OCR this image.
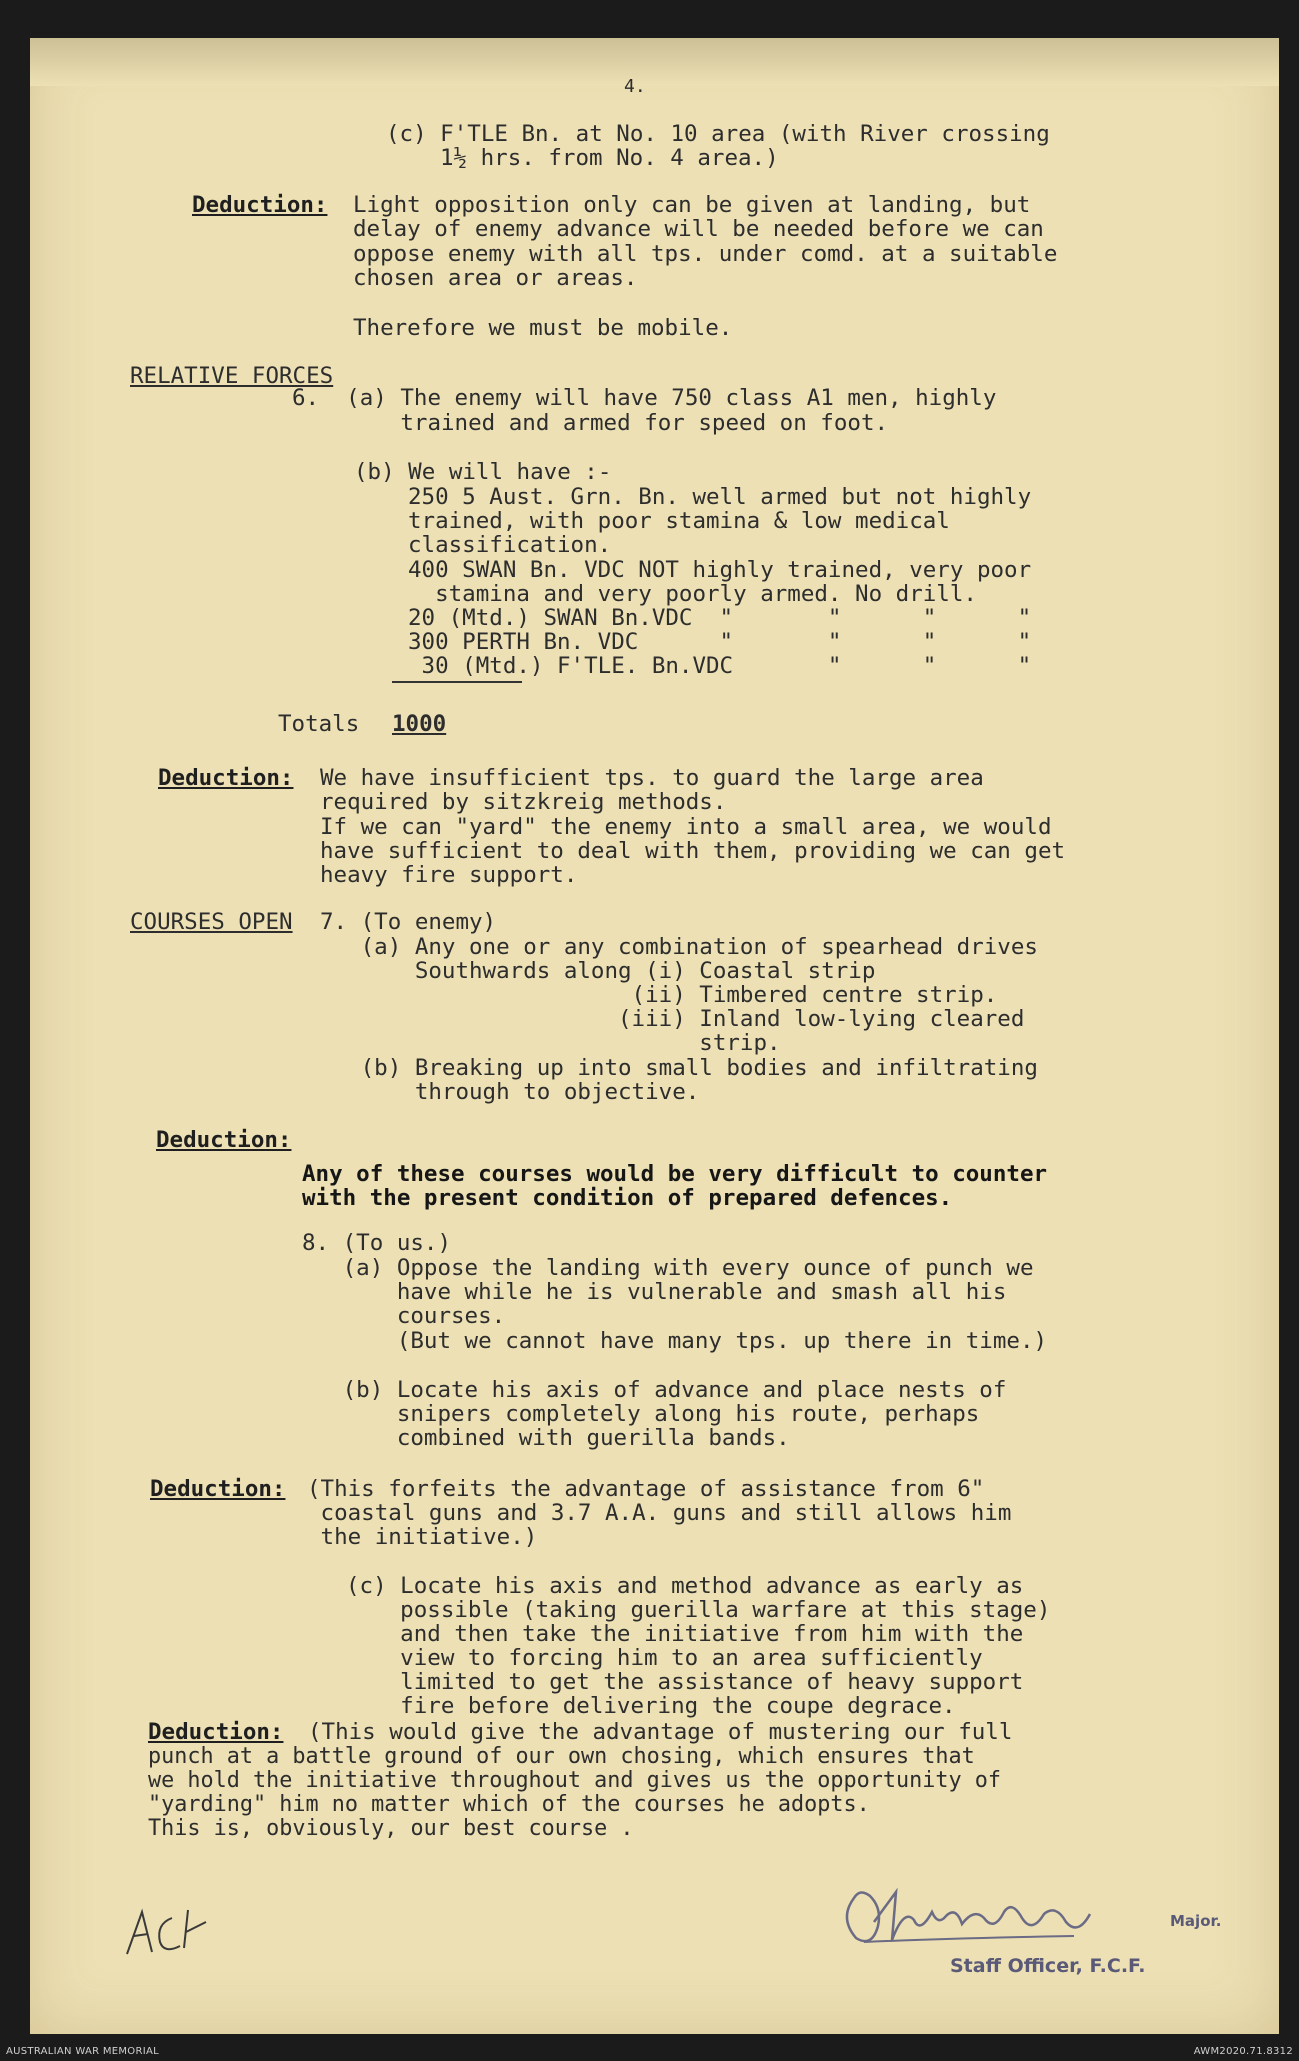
4.
(c) F'TLE Bn. at No. 10 area (with River crossing
1½ hrs. from No. 4 area.)
Deduction: Light opposition only can be given at landing, but
delay of enemy advance will be needed before we can
oppose enemy with all tps. under comd. at a suitable
chosen area or areas.
Therefore we must be mobile.
RELATIVE FORCES
6.  (a) The enemy will have 750 class A1 men, highly
trained and armed for speed on foot.
(b) We will have :-
250 5 Aust. Grn. Bn. well armed but not highly
trained, with poor stamina & low medical
classification.
400 SWAN Bn. VDC NOT highly trained, very poor
stamina and very poorly armed. No drill.
20 (Mtd.) SWAN Bn.VDC  "       "      "      "
300 PERTH Bn. VDC      "       "      "      "
30 (Mtd.) F'TLE. Bn.VDC       "      "      "
Totals 1000
Deduction: We have insufficient tps. to guard the large area
required by sitzkreig methods.
If we can "yard" the enemy into a small area, we would
have sufficient to deal with them, providing we can get
heavy fire support.
COURSES OPEN 7. (To enemy)
(a) Any one or any combination of spearhead drives
Southwards along (i) Coastal strip
(ii) Timbered centre strip.
(iii) Inland low-lying cleared
strip.
(b) Breaking up into small bodies and infiltrating
through to objective.
Deduction:
Any of these courses would be very difficult to counter
with the present condition of prepared defences.
8. (To us.)
(a) Oppose the landing with every ounce of punch we
have while he is vulnerable and smash all his
courses.
(But we cannot have many tps. up there in time.)
(b) Locate his axis of advance and place nests of
snipers completely along his route, perhaps
combined with guerilla bands.
Deduction: (This forfeits the advantage of assistance from 6"
coastal guns and 3.7 A.A. guns and still allows him
the initiative.)
(c) Locate his axis and method advance as early as
possible (taking guerilla warfare at this stage)
and then take the initiative from him with the
view to forcing him to an area sufficiently
limited to get the assistance of heavy support
fire before delivering the coupe degrace.
Deduction: (This would give the advantage of mustering our full
punch at a battle ground of our own chosing, which ensures that
we hold the initiative throughout and gives us the opportunity of
"yarding" him no matter which of the courses he adopts.
This is, obviously, our best course .
Major.
Staff Officer, F.C.F.
AUSTRALIAN WAR MEMORIAL	AWM2020.71.8312
